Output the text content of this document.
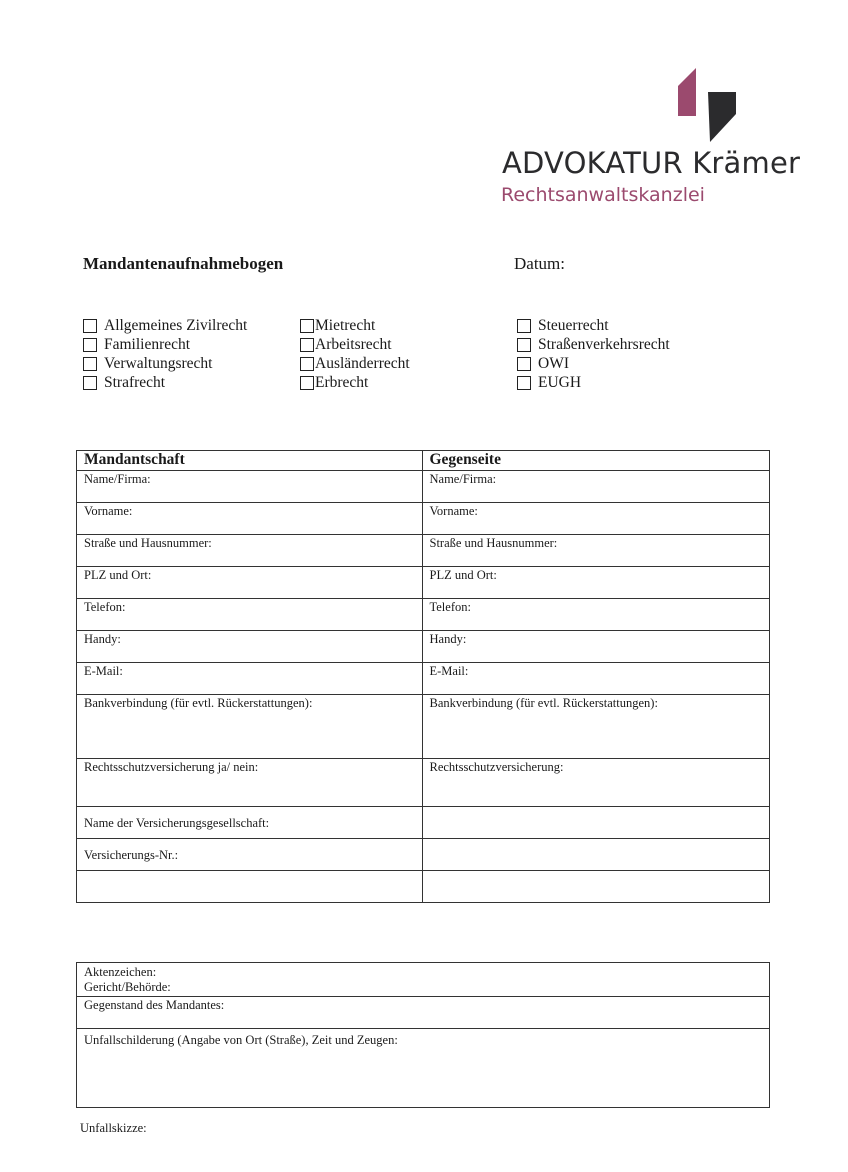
ADVOKATUR Krämer
Rechtsanwaltskanzlei
Mandantenaufnahmebogen	Datum:
Allgemeines Zivilrecht
Familienrecht
Verwaltungsrecht
Strafrecht
Mietrecht
Arbeitsrecht
Ausländerrecht
Erbrecht
Steuerrecht
Straßenverkehrsrecht
OWI
EUGH
Mandantschaft	Gegenseite
Name/Firma:	Name/Firma:
Vorname:	Vorname:
Straße und Hausnummer:	Straße und Hausnummer:
PLZ und Ort:	PLZ und Ort:
Telefon:	Telefon:
Handy:	Handy:
E-Mail:	E-Mail:
Bankverbindung (für evtl. Rückerstattungen):	Bankverbindung (für evtl. Rückerstattungen):
Rechtsschutzversicherung ja/ nein:	Rechtsschutzversicherung:
Name der Versicherungsgesellschaft:	
Versicherungs-Nr.:	

Aktenzeichen:
Gericht/Behörde:

Gegenstand des Mandantes:
Unfallschilderung (Angabe von Ort (Straße), Zeit und Zeugen:
Unfallskizze:
